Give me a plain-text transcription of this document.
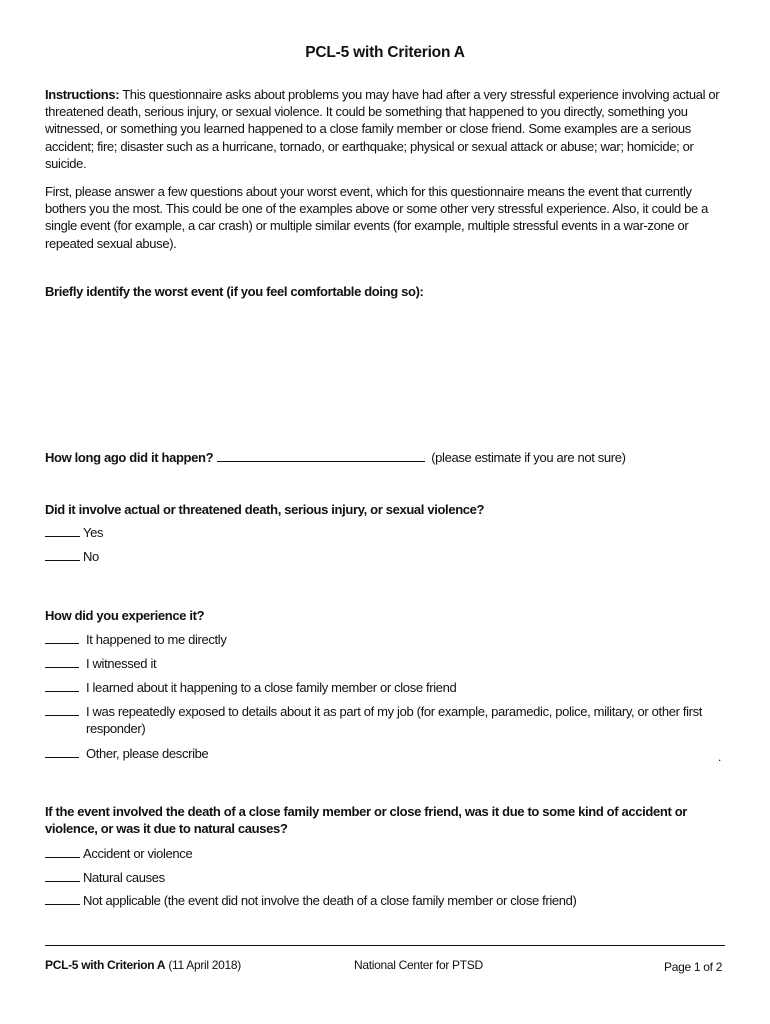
PCL-5 with Criterion A
Instructions: This questionnaire asks about problems you may have had after a very stressful experience involving actual or threatened death, serious injury, or sexual violence. It could be something that happened to you directly, something you witnessed, or something you learned happened to a close family member or close friend. Some examples are a serious accident; fire; disaster such as a hurricane, tornado, or earthquake; physical or sexual attack or abuse; war; homicide; or suicide.
First, please answer a few questions about your worst event, which for this questionnaire means the event that currently bothers you the most. This could be one of the examples above or some other very stressful experience. Also, it could be a single event (for example, a car crash) or multiple similar events (for example, multiple stressful events in a war-zone or repeated sexual abuse).
Briefly identify the worst event (if you feel comfortable doing so):
How long ago did it happen?	(please estimate if you are not sure)
Did it involve actual or threatened death, serious injury, or sexual violence?
Yes
No
How did you experience it?
It happened to me directly
I witnessed it
I learned about it happening to a close family member or close friend
I was repeatedly exposed to details about it as part of my job (for example, paramedic, police, military, or other first responder)
Other, please describe	.
If the event involved the death of a close family member or close friend, was it due to some kind of accident or violence, or was it due to natural causes?
Accident or violence
Natural causes
Not applicable (the event did not involve the death of a close family member or close friend)
PCL-5 with Criterion A (11 April 2018)	National Center for PTSD	Page 1 of 2
